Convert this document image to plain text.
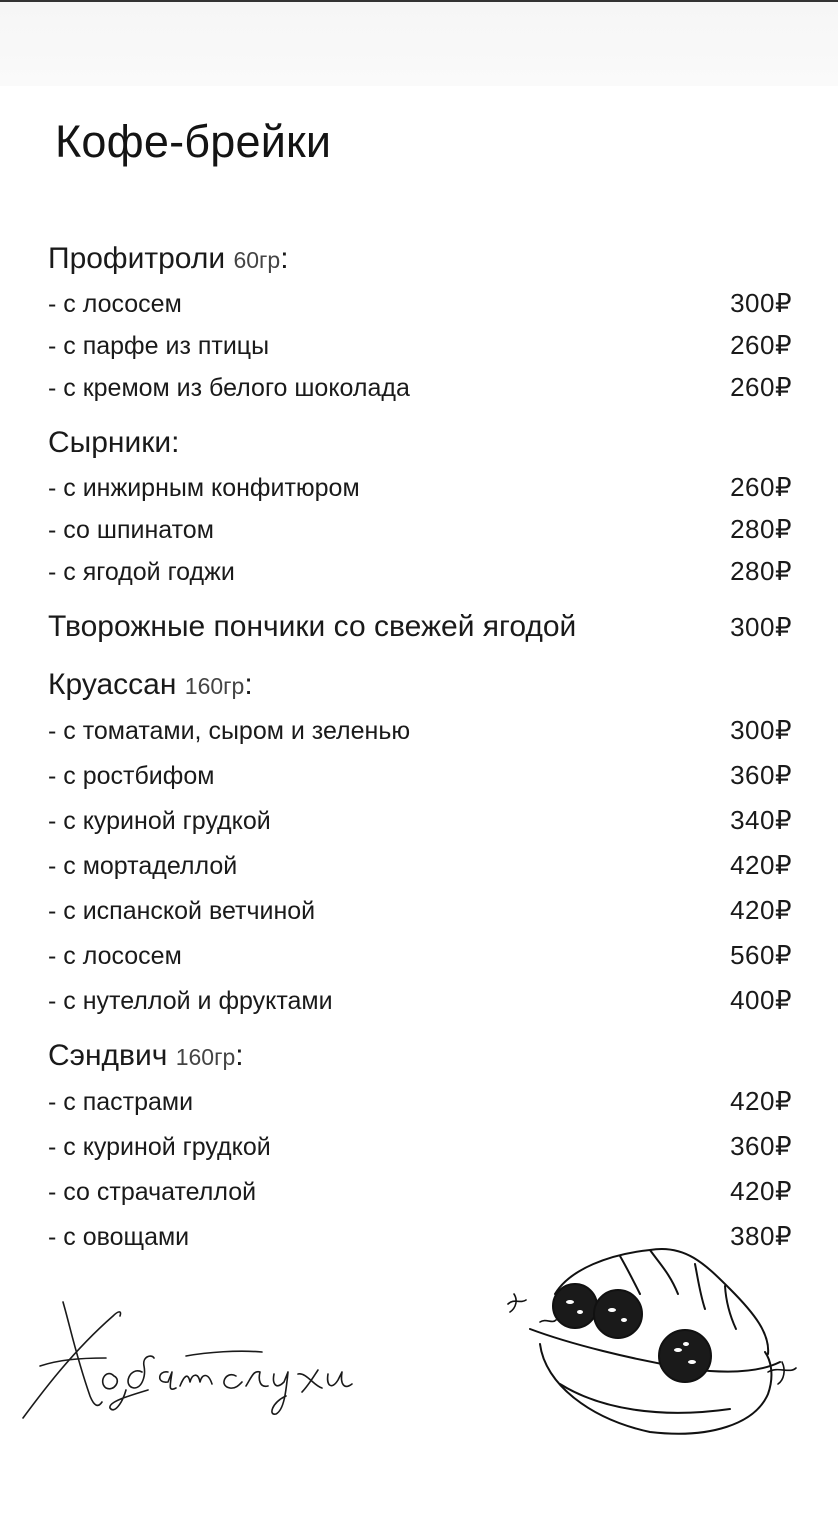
Кофе-брейки
Профитроли 60гр:
- с лососем	300₽
- с парфе из птицы	260₽
- с кремом из белого шоколада	260₽
Сырники:
- с инжирным конфитюром	260₽
- со шпинатом	280₽
- с ягодой годжи	280₽
Творожные пончики со свежей ягодой	300₽
Круассан 160гр:
- с томатами, сыром и зеленью	300₽
- с ростбифом	360₽
- с куриной грудкой	340₽
- с мортаделлой	420₽
- с испанской ветчиной	420₽
- с лососем	560₽
- с нутеллой и фруктами	400₽
Сэндвич 160гр:
- с пастрами	420₽
- с куриной грудкой	360₽
- со страчателлой	420₽
- с овощами	380₽
